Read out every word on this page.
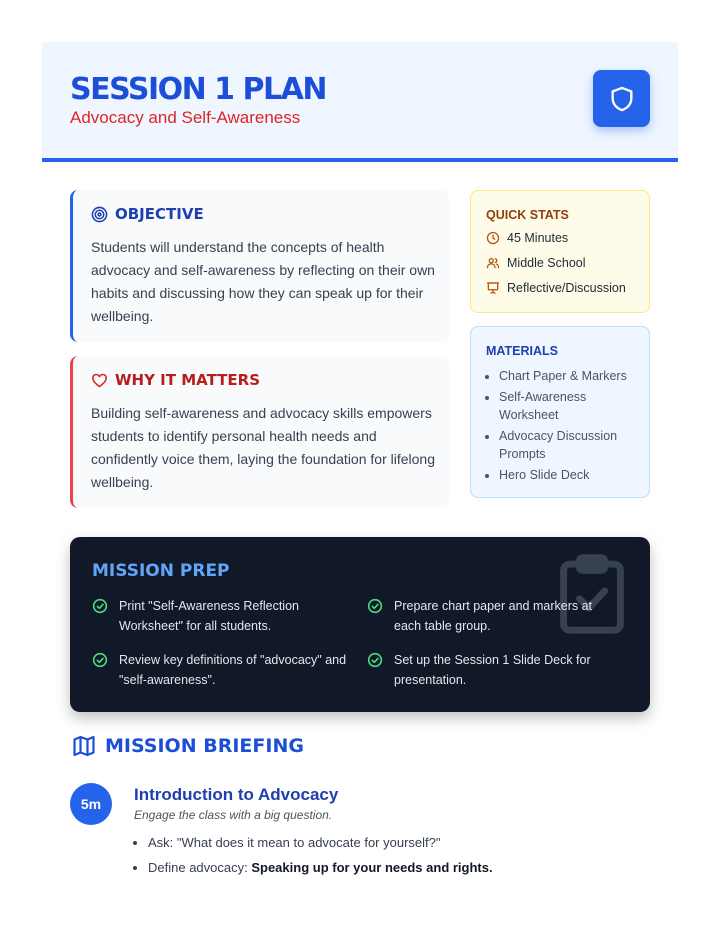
SESSION 1 PLAN
Advocacy and Self-Awareness
OBJECTIVE
Students will understand the concepts of health advocacy and self-awareness by reflecting on their own habits and discussing how they can speak up for their wellbeing.
WHY IT MATTERS
Building self-awareness and advocacy skills empowers students to identify personal health needs and confidently voice them, laying the foundation for lifelong wellbeing.
QUICK STATS
45 Minutes
Middle School
Reflective/Discussion
MATERIALS
• Chart Paper & Markers
• Self-Awareness Worksheet
• Advocacy Discussion Prompts
• Hero Slide Deck
MISSION PREP
Print "Self-Awareness Reflection Worksheet" for all students.
Prepare chart paper and markers at each table group.
Review key definitions of "advocacy" and "self-awareness".
Set up the Session 1 Slide Deck for presentation.
MISSION BRIEFING
5m	Introduction to Advocacy
Engage the class with a big question.
• Ask: "What does it mean to advocate for yourself?"
• Define advocacy: Speaking up for your needs and rights.
